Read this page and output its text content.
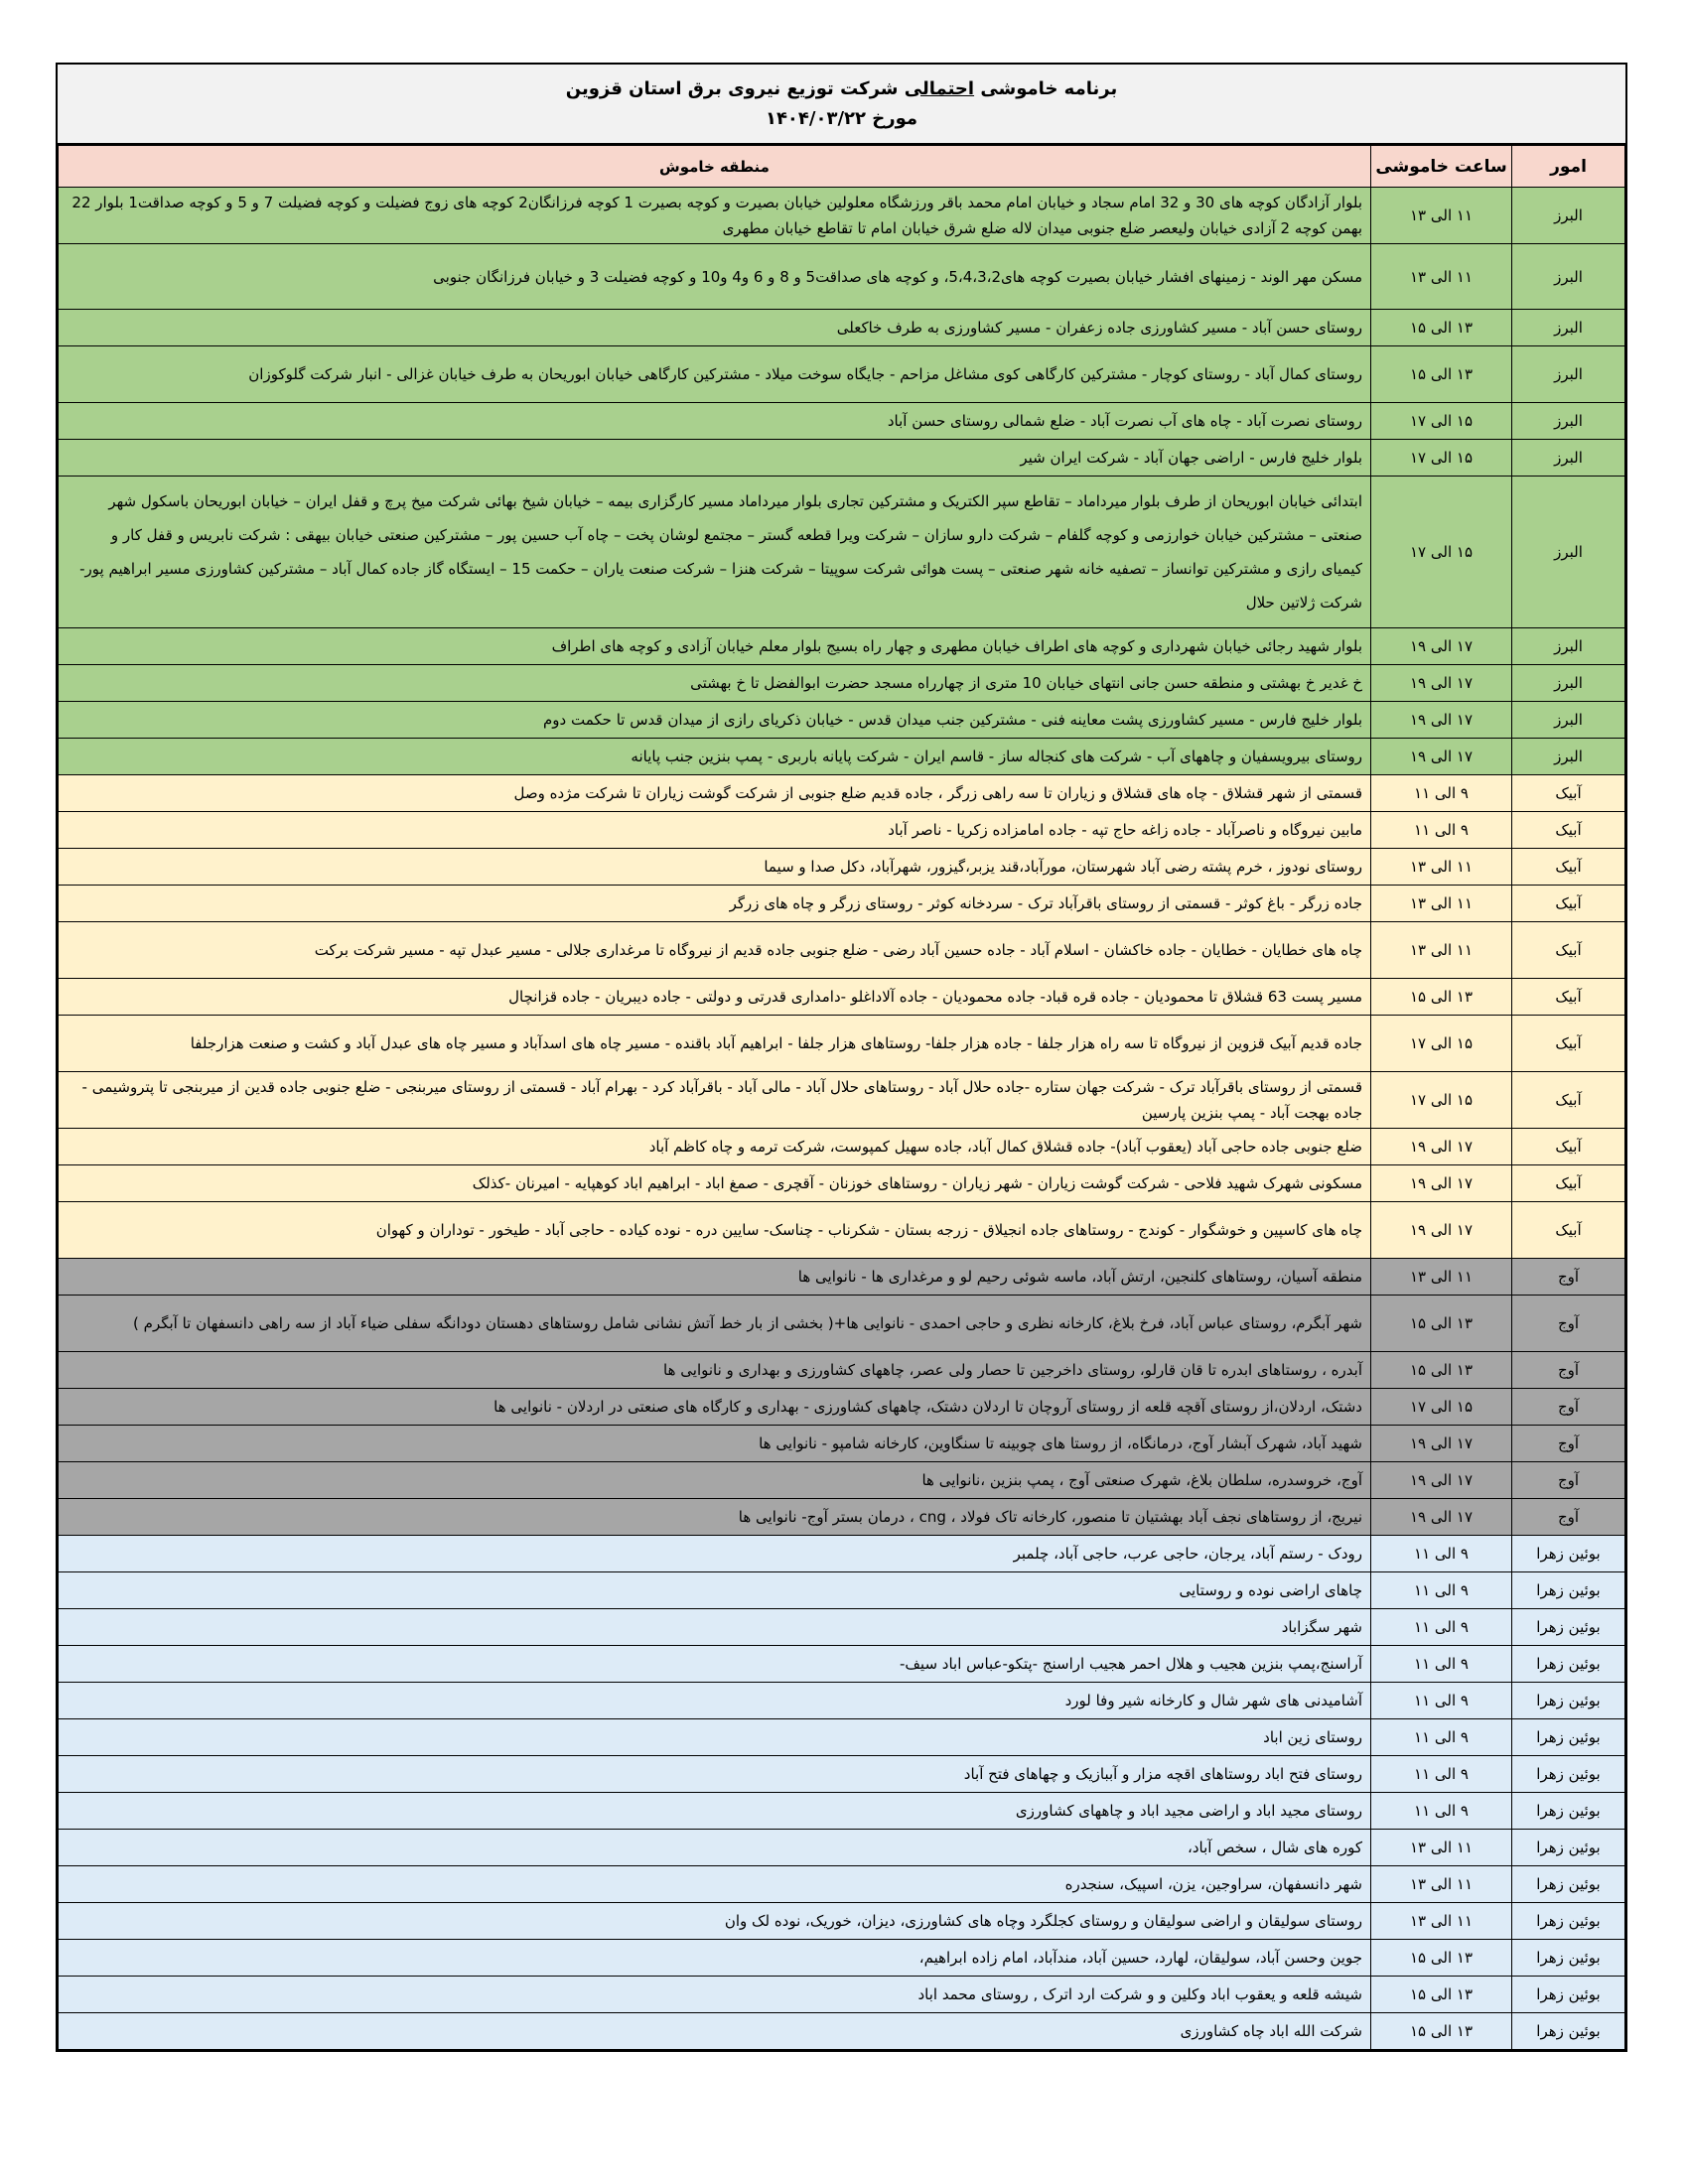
برنامه خاموشی احتمالی شرکت توزیع نیروی برق استان قزوین
مورخ ۱۴۰۴/۰۳/۲۲
امور	ساعت خاموشی	منطقه خاموش
البرز	۱۱ الی ۱۳	بلوار آزادگان کوچه های 30 و 32 امام سجاد و خیابان امام محمد باقر ورزشگاه معلولین خیابان بصیرت و کوچه بصیرت 1 کوچه فرزانگان2 کوچه های زوج فضیلت و کوچه فضیلت 7 و 5 و کوچه صداقت1 بلوار 22 بهمن کوچه 2 آزادی خیابان ولیعصر ضلع جنوبی میدان لاله ضلع شرق خیابان امام تا تقاطع خیابان مطهری
البرز	۱۱ الی ۱۳	مسکن مهر الوند - زمینهای افشار خیابان بصیرت کوچه های5،4،3،2، و کوچه های صداقت5 و 8 و 6 و4 و10 و کوچه فضیلت 3 و خیابان فرزانگان جنوبی
البرز	۱۳ الی ۱۵	روستای حسن آباد - مسیر کشاورزی جاده زعفران - مسیر کشاورزی به طرف خاکعلی
البرز	۱۳ الی ۱۵	روستای کمال آباد - روستای کوچار - مشترکین کارگاهی کوی مشاغل مزاحم - جایگاه سوخت میلاد - مشترکین کارگاهی خیابان ابوریحان به طرف خیابان غزالی - انبار شرکت گلوکوزان
البرز	۱۵ الی ۱۷	روستای نصرت آباد - چاه های آب نصرت آباد - ضلع شمالی روستای حسن آباد
البرز	۱۵ الی ۱۷	بلوار خلیج فارس - اراضی جهان آباد - شرکت ایران شیر
البرز	۱۵ الی ۱۷	ابتدائی خیابان ابوریحان از طرف بلوار میرداماد – تقاطع سپر الکتریک و مشترکین تجاری بلوار میرداماد مسیر کارگزاری بیمه – خیابان شیخ بهائی شرکت میخ پرچ و قفل ایران – خیابان ابوریحان باسکول شهر صنعتی – مشترکین خیابان خوارزمی و کوچه گلفام – شرکت دارو سازان – شرکت ویرا قطعه گستر – مجتمع لوشان پخت – چاه آب حسین پور – مشترکین صنعتی خیابان بیهقی : شرکت نابریس و قفل کار و کیمیای رازی و مشترکین توانساز – تصفیه خانه شهر صنعتی – پست هوائی شرکت سوپیتا – شرکت هنزا – شرکت صنعت یاران – حکمت 15 – ایستگاه گاز جاده کمال آباد – مشترکین کشاورزی مسیر ابراهیم پور- شرکت ژلاتین حلال
البرز	۱۷ الی ۱۹	بلوار شهید رجائی خیابان شهرداری و کوچه های اطراف خیابان مطهری و چهار راه بسیج بلوار معلم خیابان آزادی و کوچه های اطراف
البرز	۱۷ الی ۱۹	خ غدیر خ بهشتی و منطقه حسن جانی انتهای خیابان 10 متری از چهارراه مسجد حضرت ابوالفضل تا خ بهشتی
البرز	۱۷ الی ۱۹	بلوار خلیج فارس - مسیر کشاورزی پشت معاینه فنی - مشترکین جنب میدان قدس - خیابان ذکریای رازی از میدان قدس تا حکمت دوم
البرز	۱۷ الی ۱۹	روستای بیرویسفیان و چاههای آب - شرکت های کنجاله ساز - قاسم ایران - شرکت پایانه باربری - پمپ بنزین جنب پایانه
آبیک	۹ الی ۱۱	قسمتی از شهر قشلاق - چاه های قشلاق و زیاران تا سه راهی زرگر ، جاده قدیم ضلع جنوبی از شرکت گوشت زیاران تا شرکت مژده وصل
آبیک	۹ الی ۱۱	مابین نیروگاه و ناصرآباد - جاده زاغه حاج تپه - جاده امامزاده زکریا - ناصر آباد
آبیک	۱۱ الی ۱۳	روستای نودوز ، خرم پشته رضی آباد شهرستان، مورآباد،قند یزبر،گیزور، شهرآباد، دکل صدا و سیما
آبیک	۱۱ الی ۱۳	جاده زرگر - باغ کوثر - قسمتی از روستای باقرآباد ترک - سردخانه کوثر - روستای زرگر و چاه های زرگر
آبیک	۱۱ الی ۱۳	چاه های خطایان - خطایان - جاده خاکشان - اسلام آباد - جاده حسین آباد رضی - ضلع جنوبی جاده قدیم از نیروگاه تا مرغداری جلالی - مسیر عبدل تپه - مسیر شرکت برکت
آبیک	۱۳ الی ۱۵	مسیر پست 63 قشلاق تا محمودیان - جاده قره قباد- جاده محمودیان - جاده آلاداغلو -دامداری قدرتی و دولتی - جاده دیبریان - جاده قزانچال
آبیک	۱۵ الی ۱۷	جاده قدیم آبیک قزوین از نیروگاه تا سه راه هزار جلفا - جاده هزار جلفا- روستاهای هزار جلفا - ابراهیم آباد باقنده - مسیر چاه های اسدآباد و مسیر چاه های عبدل آباد و کشت و صنعت هزارجلفا
آبیک	۱۵ الی ۱۷	قسمتی از روستای باقرآباد ترک - شرکت جهان ستاره -جاده حلال آباد - روستاهای حلال آباد - مالی آباد - باقرآباد کرد - بهرام آباد - قسمتی از روستای میربنجی - ضلع جنوبی جاده قدین از میربنجی تا پتروشیمی - جاده بهجت آباد - پمپ بنزین پارسین
آبیک	۱۷ الی ۱۹	ضلع جنوبی جاده حاجی آباد (یعقوب آباد)- جاده قشلاق کمال آباد، جاده سهیل کمپوست، شرکت ترمه و چاه کاظم آباد
آبیک	۱۷ الی ۱۹	مسکونی شهرک شهید فلاحی - شرکت گوشت زیاران - شهر زیاران - روستاهای خوزنان - آقچری - صمغ اباد - ابراهیم اباد کوهپایه - امیرنان -کذلک
آبیک	۱۷ الی ۱۹	چاه های کاسپین و خوشگوار - کوندج - روستاهای جاده انجیلاق - زرجه بستان - شکرناب - چناسک- سایین دره - نوده کیاده - حاجی آباد - طیخور - توداران و کهوان
آوج	۱۱ الی ۱۳	منطقه آسیان، روستاهای کلنجین، ارتش آباد، ماسه شوئی رحیم لو و مرغداری ها - نانوایی ها
آوج	۱۳ الی ۱۵	شهر آبگرم، روستای عباس آباد، فرخ بلاغ، کارخانه نظری و حاجی احمدی - نانوایی ها+( بخشی از بار خط آتش نشانی شامل روستاهای دهستان دودانگه سفلی ضیاء آباد از سه راهی دانسفهان تا آبگرم )
آوج	۱۳ الی ۱۵	آبدره ، روستاهای ابدره تا قان قارلو، روستای داخرجین تا حصار ولی عصر، چاههای کشاورزی و بهداری و نانوایی ها
آوج	۱۵ الی ۱۷	دشتک، اردلان،از روستای آقچه قلعه از روستای آروچان تا اردلان دشتک، چاههای کشاورزی - بهداری و کارگاه های صنعتی در اردلان - نانوایی ها
آوج	۱۷ الی ۱۹	شهید آباد، شهرک آبشار آوج، درمانگاه، از روستا های چوبینه تا سنگاوین، کارخانه شامپو - نانوایی ها
آوج	۱۷ الی ۱۹	آوج، خروسدره، سلطان بلاغ، شهرک صنعتی آوج ، پمپ بنزین ،نانوایی ها
آوج	۱۷ الی ۱۹	نیریج، از روستاهای نجف آباد بهشتیان تا منصور، کارخانه تاک فولاد ، cng ، درمان بستر آوج- نانوایی ها
بوئین زهرا	۹ الی ۱۱	رودک - رستم آباد، یرجان، حاجی عرب، حاجی آباد، چلمبر
بوئین زهرا	۹ الی ۱۱	چاهای اراضی نوده و روستایی
بوئین زهرا	۹ الی ۱۱	شهر سگزاباد
بوئین زهرا	۹ الی ۱۱	آراسنج،پمپ بنزین هجیب و هلال احمر هجیب اراسنج -پتکو-عباس اباد سیف-
بوئین زهرا	۹ الی ۱۱	آشامیدنی های شهر شال و کارخانه شیر وفا لورد
بوئین زهرا	۹ الی ۱۱	روستای زین اباد
بوئین زهرا	۹ الی ۱۱	روستای فتح اباد روستاهای اقچه مزار و آببازیک و چهاهای فتح آباد
بوئین زهرا	۹ الی ۱۱	روستای مجید اباد و اراضی مجید اباد و چاههای کشاورزی
بوئین زهرا	۱۱ الی ۱۳	کوره های شال ، سخص آباد،
بوئین زهرا	۱۱ الی ۱۳	شهر دانسفهان، سراوجین، یزن، اسپیک، سنجدره
بوئین زهرا	۱۱ الی ۱۳	روستای سولیقان و اراضی سولیقان و روستای کجلگرد وچاه های کشاورزی، دیزان، خوریک، نوده لک وان
بوئین زهرا	۱۳ الی ۱۵	جوین وحسن آباد، سولیقان، لهارد، حسین آباد، مندآباد، امام زاده ابراهیم،
بوئین زهرا	۱۳ الی ۱۵	شیشه قلعه و یعقوب اباد وکلین و و شرکت ارد اترک , روستای محمد اباد
بوئین زهرا	۱۳ الی ۱۵	شرکت الله اباد چاه کشاورزی
